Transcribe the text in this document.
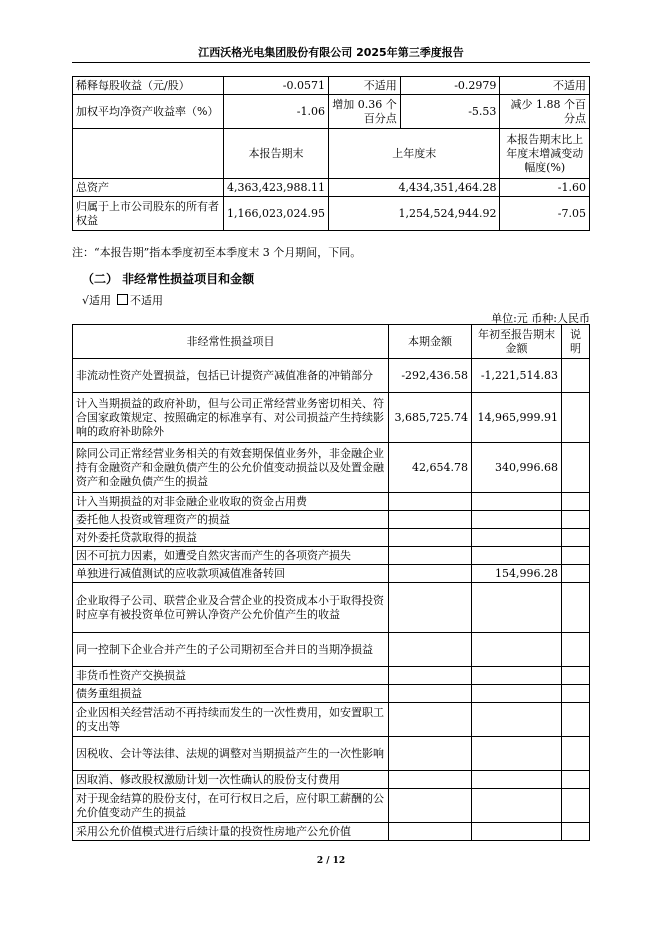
江西沃格光电集团股份有限公司 2025年第三季度报告
稀释每股收益（元/股）	-0.0571	不适用	-0.2979	不适用
加权平均净资产收益率（%）	-1.06	增加 0.36 个百分点	-5.53	减少 1.88 个百分点
	本报告期末	上年度末		本报告期末比上年度末增减变动幅度(%)
总资产	4,363,423,988.11	4,434,351,464.28		-1.60
归属于上市公司股东的所有者权益	1,166,023,024.95	1,254,524,944.92		-7.05
注：“本报告期”指本季度初至本季度末 3 个月期间，下同。
（二） 非经常性损益项目和金额
√适用 不适用
单位:元 币种:人民币
非经常性损益项目	本期金额	年初至报告期末金额	说明
非流动性资产处置损益，包括已计提资产减值准备的冲销部分	-292,436.58	-1,221,514.83	
计入当期损益的政府补助，但与公司正常经营业务密切相关、符合国家政策规定、按照确定的标准享有、对公司损益产生持续影响的政府补助除外	3,685,725.74	14,965,999.91	
除同公司正常经营业务相关的有效套期保值业务外，非金融企业持有金融资产和金融负债产生的公允价值变动损益以及处置金融资产和金融负债产生的损益	42,654.78	340,996.68	
计入当期损益的对非金融企业收取的资金占用费			
委托他人投资或管理资产的损益			
对外委托贷款取得的损益			
因不可抗力因素，如遭受自然灾害而产生的各项资产损失			
单独进行减值测试的应收款项减值准备转回		154,996.28	
企业取得子公司、联营企业及合营企业的投资成本小于取得投资时应享有被投资单位可辨认净资产公允价值产生的收益			
同一控制下企业合并产生的子公司期初至合并日的当期净损益			
非货币性资产交换损益			
债务重组损益			
企业因相关经营活动不再持续而发生的一次性费用，如安置职工的支出等			
因税收、会计等法律、法规的调整对当期损益产生的一次性影响			
因取消、修改股权激励计划一次性确认的股份支付费用			
对于现金结算的股份支付，在可行权日之后，应付职工薪酬的公允价值变动产生的损益			
采用公允价值模式进行后续计量的投资性房地产公允价值			
2 / 12
